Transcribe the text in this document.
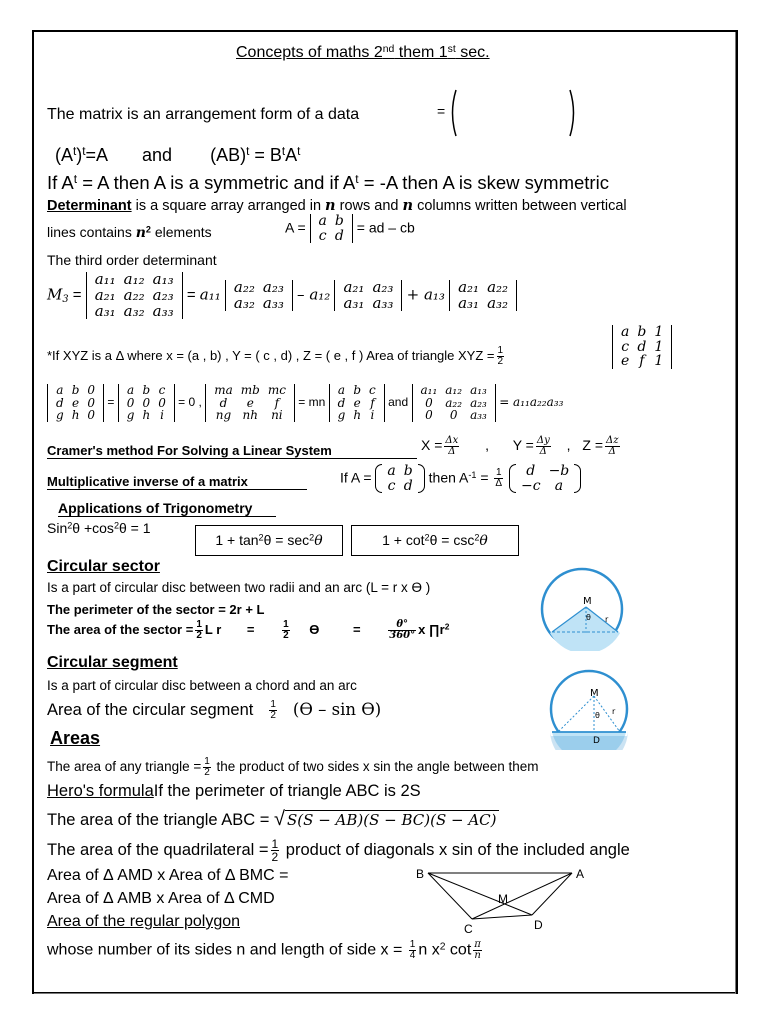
Concepts of maths 2nd them 1st sec.
The matrix is an arrangement form of a data	=
$(A^t)^t=A$ and $(AB)^t = B^tA^t$
If $A^t = A$ then A is a symmetric and if $A^t = -A$ then A is skew symmetric
Determinant is a square array arranged in n rows and n columns written between vertical
lines contains $n^2$ elements	A = a	b
c	d
= ad – cb
The third order determinant
$M_3$ =
a₁₁	a₁₂	a₁₃
a₂₁	a₂₂	a₂₃
a₃₁	a₃₂	a₃₃
= a₁₁ a₂₂	a₂₃
a₃₂	a₃₃ – a₁₂ a₂₁	a₂₃
a₃₁	a₃₃ + a₁₃ a₂₁	a₂₂
a₃₁	a₃₂
*If XYZ is a Δ where x = (a , b) , Y = ( c , d) , Z = ( e , f ) Area of triangle XYZ = $\frac{1}{2}$
a	b	1
c	d	1
e	f	1
a	b	0
d	e	0
g	h	0
=
a	b	c
0	0	0
g	h	i
= 0 ,
ma	mb	mc
d	e	f
ng	nh	ni
= mn
a	b	c
d	e	f
g	h	i
and
a₁₁	a₁₂	a₁₃
0	a₂₂	a₂₃
0	0	a₃₃
= a₁₁a₂₂a₃₃
Cramer's method For Solving a Linear System	$X = \frac{\Delta x}{\Delta}$ , $Y = \frac{\Delta y}{\Delta}$ , $Z = \frac{\Delta z}{\Delta}$
Multiplicative inverse of a matrix	If A = a	b
c	d
then $A^{-1} = \frac{1}{\Delta}$
d	−b
−c	a
Applications of Trigonometry
$Sin^2\theta +\cos^2\theta = 1$
$1 + \tan^2\theta = \sec^2\theta$	$1 + \cot^2\theta = \csc^2\theta$
Circular sector
Is a part of circular disc between two radii and an arc (L = r x ϴ )
The perimeter of the sector = 2r + L
The area of the sector = $\frac{1}{2}$ L r =	$\frac{1}{2}$ ϴ	=	$\frac{\theta^\circ}{360^\circ}$ x $\prod r^2$
M
θ r
Circular segment
Is a part of circular disc between a chord and an arc
Area of the circular segment $\frac{1}{2} (ϴ$ – sin ϴ)
M
θ r
D
Areas
The area of any triangle = $\frac{1}{2}$ the product of two sides x sin the angle between them
Hero's formulaIf the perimeter of triangle ABC is 2S
The area of the triangle ABC = √ S(S − AB)(S − BC)(S − AC)
The area of the quadrilateral = $\frac{1}{2}$ product of diagonals x sin of the included angle
Area of Δ AMD x Area of Δ BMC =
Area of Δ AMB x Area of Δ CMD
Area of the regular polygon
whose number of its sides n and length of side $x = \frac{1}{4}$ n $x^2$ $\cot \frac{\pi}{n}$
B	A
M
C	D
